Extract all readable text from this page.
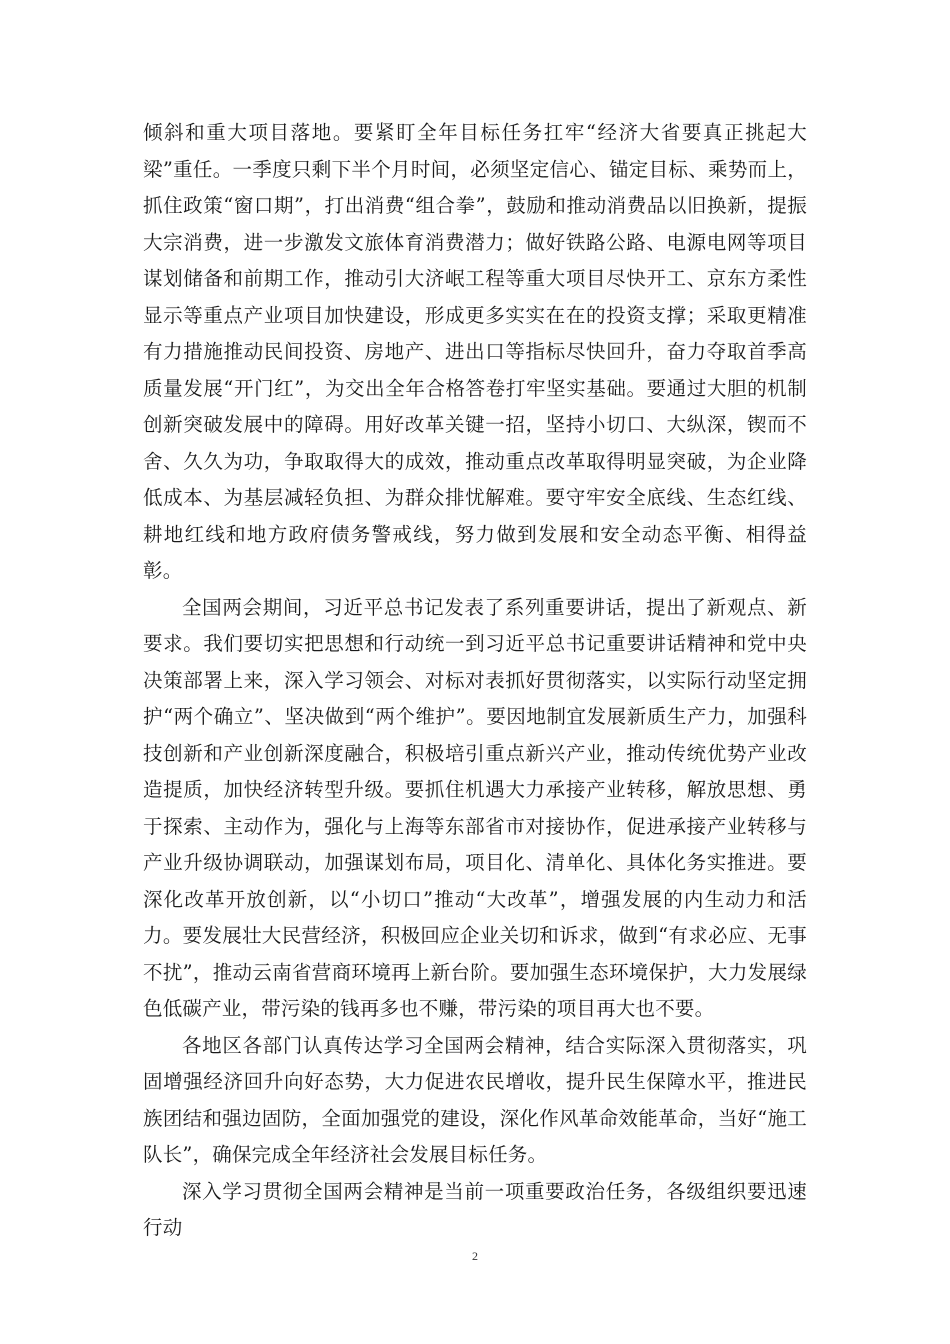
倾斜和重大项目落地。要紧盯全年目标任务扛牢“经济大省要真正挑起大梁”重任。一季度只剩下半个月时间，必须坚定信心、锚定目标、乘势而上，抓住政策“窗口期”，打出消费“组合拳”，鼓励和推动消费品以旧换新，提振大宗消费，进一步激发文旅体育消费潜力；做好铁路公路、电源电网等项目谋划储备和前期工作，推动引大济岷工程等重大项目尽快开工、京东方柔性显示等重点产业项目加快建设，形成更多实实在在的投资支撑；采取更精准有力措施推动民间投资、房地产、进出口等指标尽快回升，奋力夺取首季高质量发展“开门红”，为交出全年合格答卷打牢坚实基础。要通过大胆的机制创新突破发展中的障碍。用好改革关键一招，坚持小切口、大纵深，锲而不舍、久久为功，争取取得大的成效，推动重点改革取得明显突破，为企业降低成本、为基层减轻负担、为群众排忧解难。要守牢安全底线、生态红线、耕地红线和地方政府债务警戒线，努力做到发展和安全动态平衡、相得益彰。

全国两会期间，习近平总书记发表了系列重要讲话，提出了新观点、新要求。我们要切实把思想和行动统一到习近平总书记重要讲话精神和党中央决策部署上来，深入学习领会、对标对表抓好贯彻落实，以实际行动坚定拥护“两个确立”、坚决做到“两个维护”。要因地制宜发展新质生产力，加强科技创新和产业创新深度融合，积极培引重点新兴产业，推动传统优势产业改造提质，加快经济转型升级。要抓住机遇大力承接产业转移，解放思想、勇于探索、主动作为，强化与上海等东部省市对接协作，促进承接产业转移与产业升级协调联动，加强谋划布局，项目化、清单化、具体化务实推进。要深化改革开放创新，以“小切口”推动“大改革”，增强发展的内生动力和活力。要发展壮大民营经济，积极回应企业关切和诉求，做到“有求必应、无事不扰”，推动云南省营商环境再上新台阶。要加强生态环境保护，大力发展绿色低碳产业，带污染的钱再多也不赚，带污染的项目再大也不要。

各地区各部门认真传达学习全国两会精神，结合实际深入贯彻落实，巩固增强经济回升向好态势，大力促进农民增收，提升民生保障水平，推进民族团结和强边固防，全面加强党的建设，深化作风革命效能革命，当好“施工队长”，确保完成全年经济社会发展目标任务。

深入学习贯彻全国两会精神是当前一项重要政治任务，各级组织要迅速行动

2
